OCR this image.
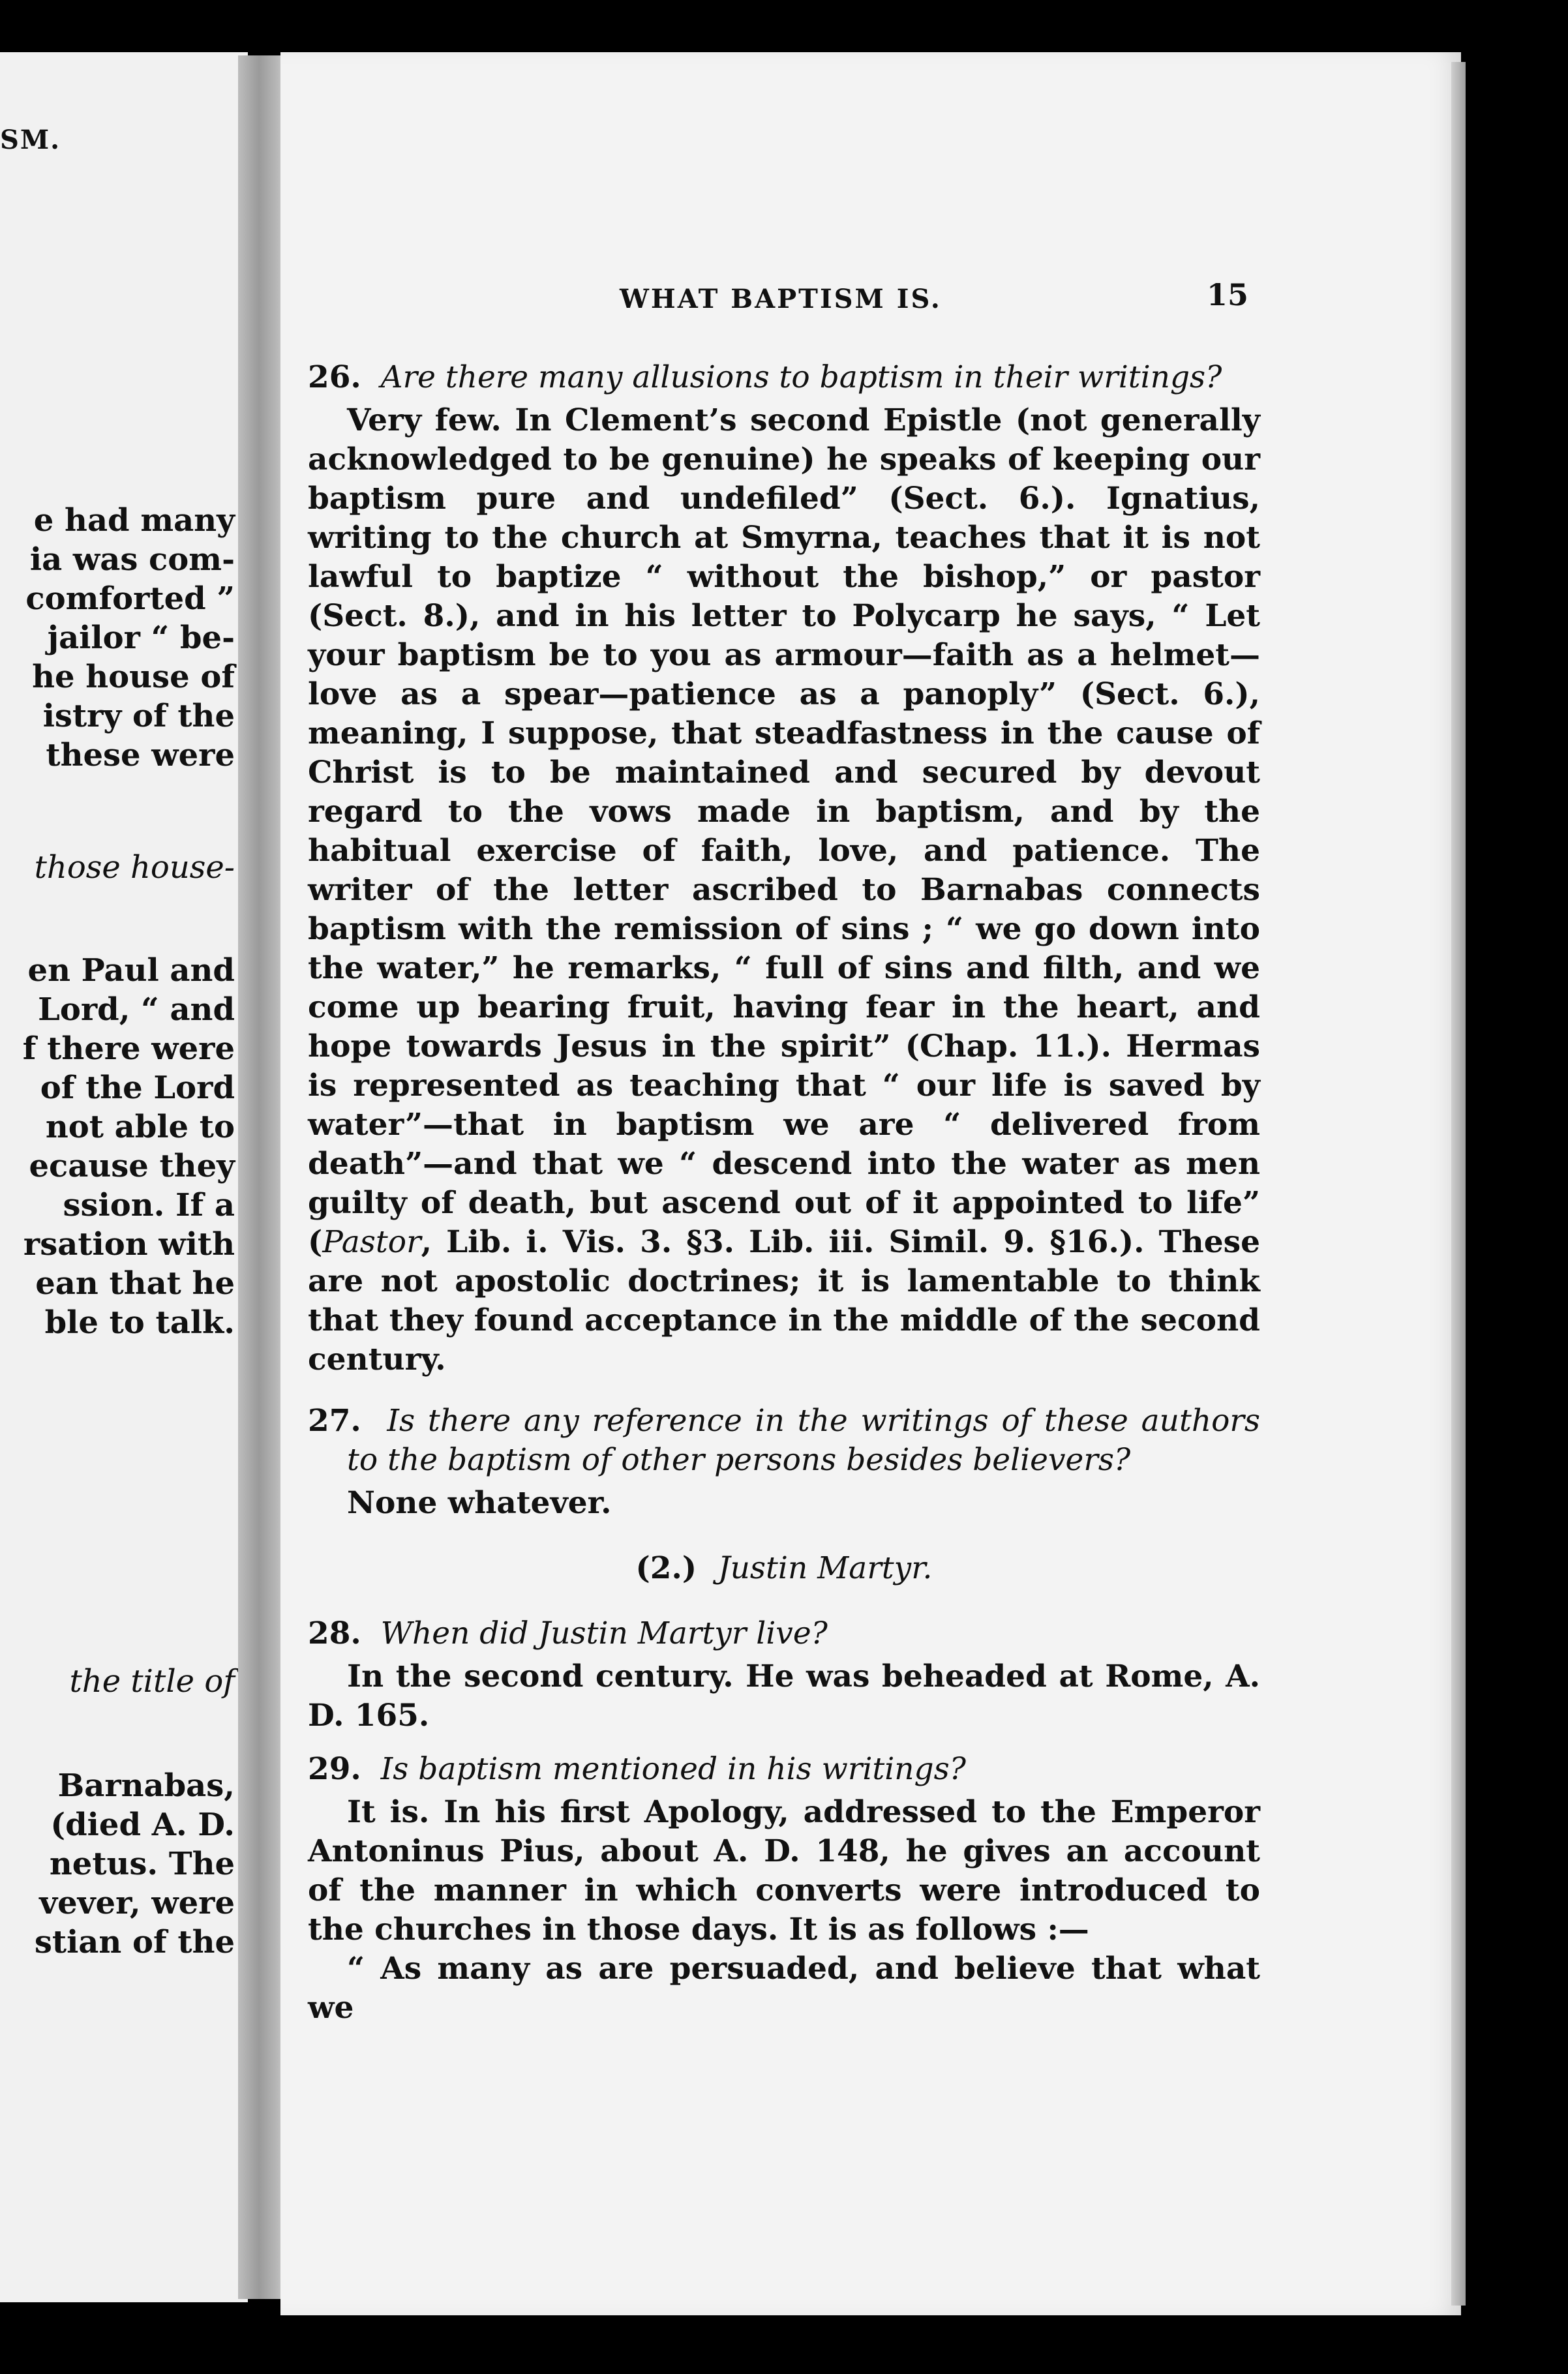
SM.
e had many
ia was com-
comforted ”
jailor “ be-
he house of
istry of the
these were
those house-
en Paul and
Lord, “ and
f there were
of the Lord
not able to
ecause they
ssion. If a
rsation with
ean that he
ble to talk.
the title of
Barnabas,
(died A. D.
netus. The
vever, were
stian of the
WHAT BAPTISM IS.	15

26. Are there many allusions to baptism in their writings?

Very few. In Clement’s second Epistle (not generally acknowledged to be genuine) he speaks of keeping our baptism pure and undefiled” (Sect. 6.). Ignatius, writing to the church at Smyrna, teaches that it is not lawful to baptize “ without the bishop,” or pastor (Sect. 8.), and in his letter to Polycarp he says, “ Let your baptism be to you as armour—faith as a helmet—love as a spear—patience as a panoply” (Sect. 6.), meaning, I suppose, that steadfastness in the cause of Christ is to be maintained and secured by devout regard to the vows made in baptism, and by the habitual exercise of faith, love, and patience. The writer of the letter ascribed to Barnabas connects baptism with the remission of sins ; “ we go down into the water,” he remarks, “ full of sins and filth, and we come up bearing fruit, having fear in the heart, and hope towards Jesus in the spirit” (Chap. 11.). Hermas is represented as teaching that “ our life is saved by water”—that in baptism we are “ delivered from death”—and that we “ descend into the water as men guilty of death, but ascend out of it appointed to life” (Pastor, Lib. i. Vis. 3. §3. Lib. iii. Simil. 9. §16.). These are not apostolic doctrines; it is lamentable to think that they found acceptance in the middle of the second century.

27. Is there any reference in the writings of these authors to the baptism of other persons besides believers?

None whatever.

(2.) Justin Martyr.

28. When did Justin Martyr live?

In the second century. He was beheaded at Rome, A. D. 165.

29. Is baptism mentioned in his writings?

It is. In his first Apology, addressed to the Emperor Antoninus Pius, about A. D. 148, he gives an account of the manner in which converts were introduced to the churches in those days. It is as follows :—

“ As many as are persuaded, and believe that what we
